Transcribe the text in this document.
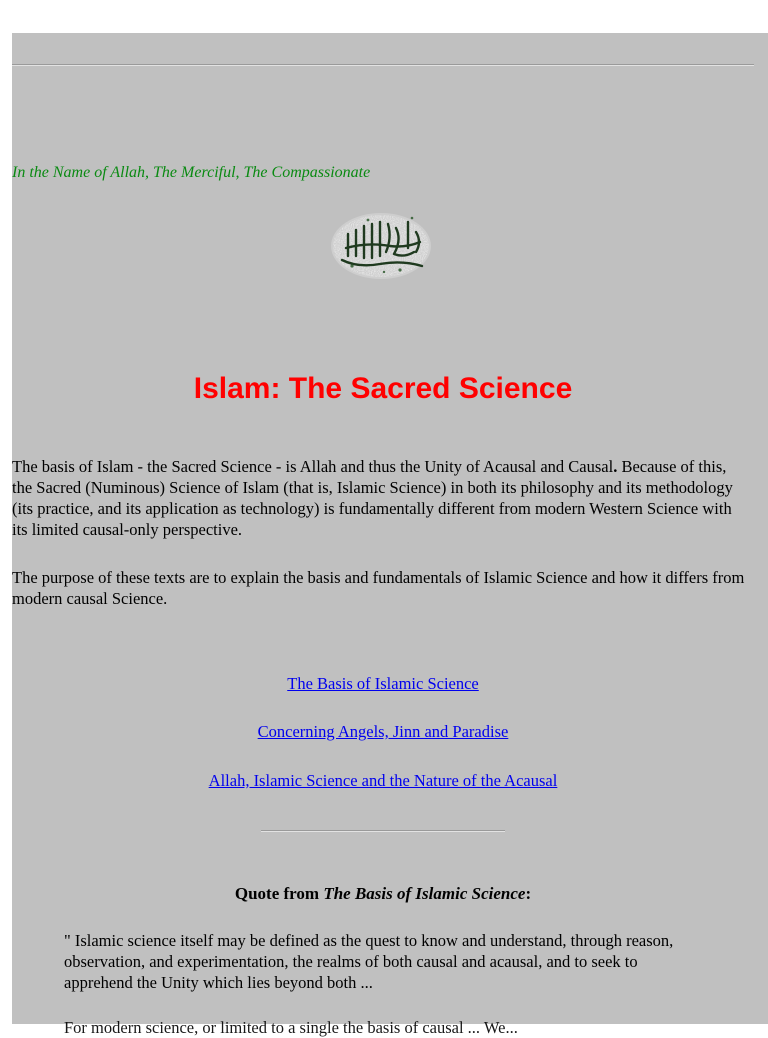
In the Name of Allah, The Merciful, The Compassionate
Islam: The Sacred Science

The basis of Islam - the Sacred Science - is Allah and thus the Unity of Acausal and Causal. Because of this, the Sacred (Numinous) Science of Islam (that is, Islamic Science) in both its philosophy and its methodology (its practice, and its application as technology) is fundamentally different from modern Western Science with its limited causal-only perspective.

The purpose of these texts are to explain the basis and fundamentals of Islamic Science and how it differs from modern causal Science.

The Basis of Islamic Science
Concerning Angels, Jinn and Paradise
Allah, Islamic Science and the Nature of the Acausal
Quote from The Basis of Islamic Science:

" Islamic science itself may be defined as the quest to know and understand, through reason, observation, and experimentation, the realms of both causal and acausal, and to seek to apprehend the Unity which lies beyond both ...

For modern science, or limited to a single the basis of causal ... We...
